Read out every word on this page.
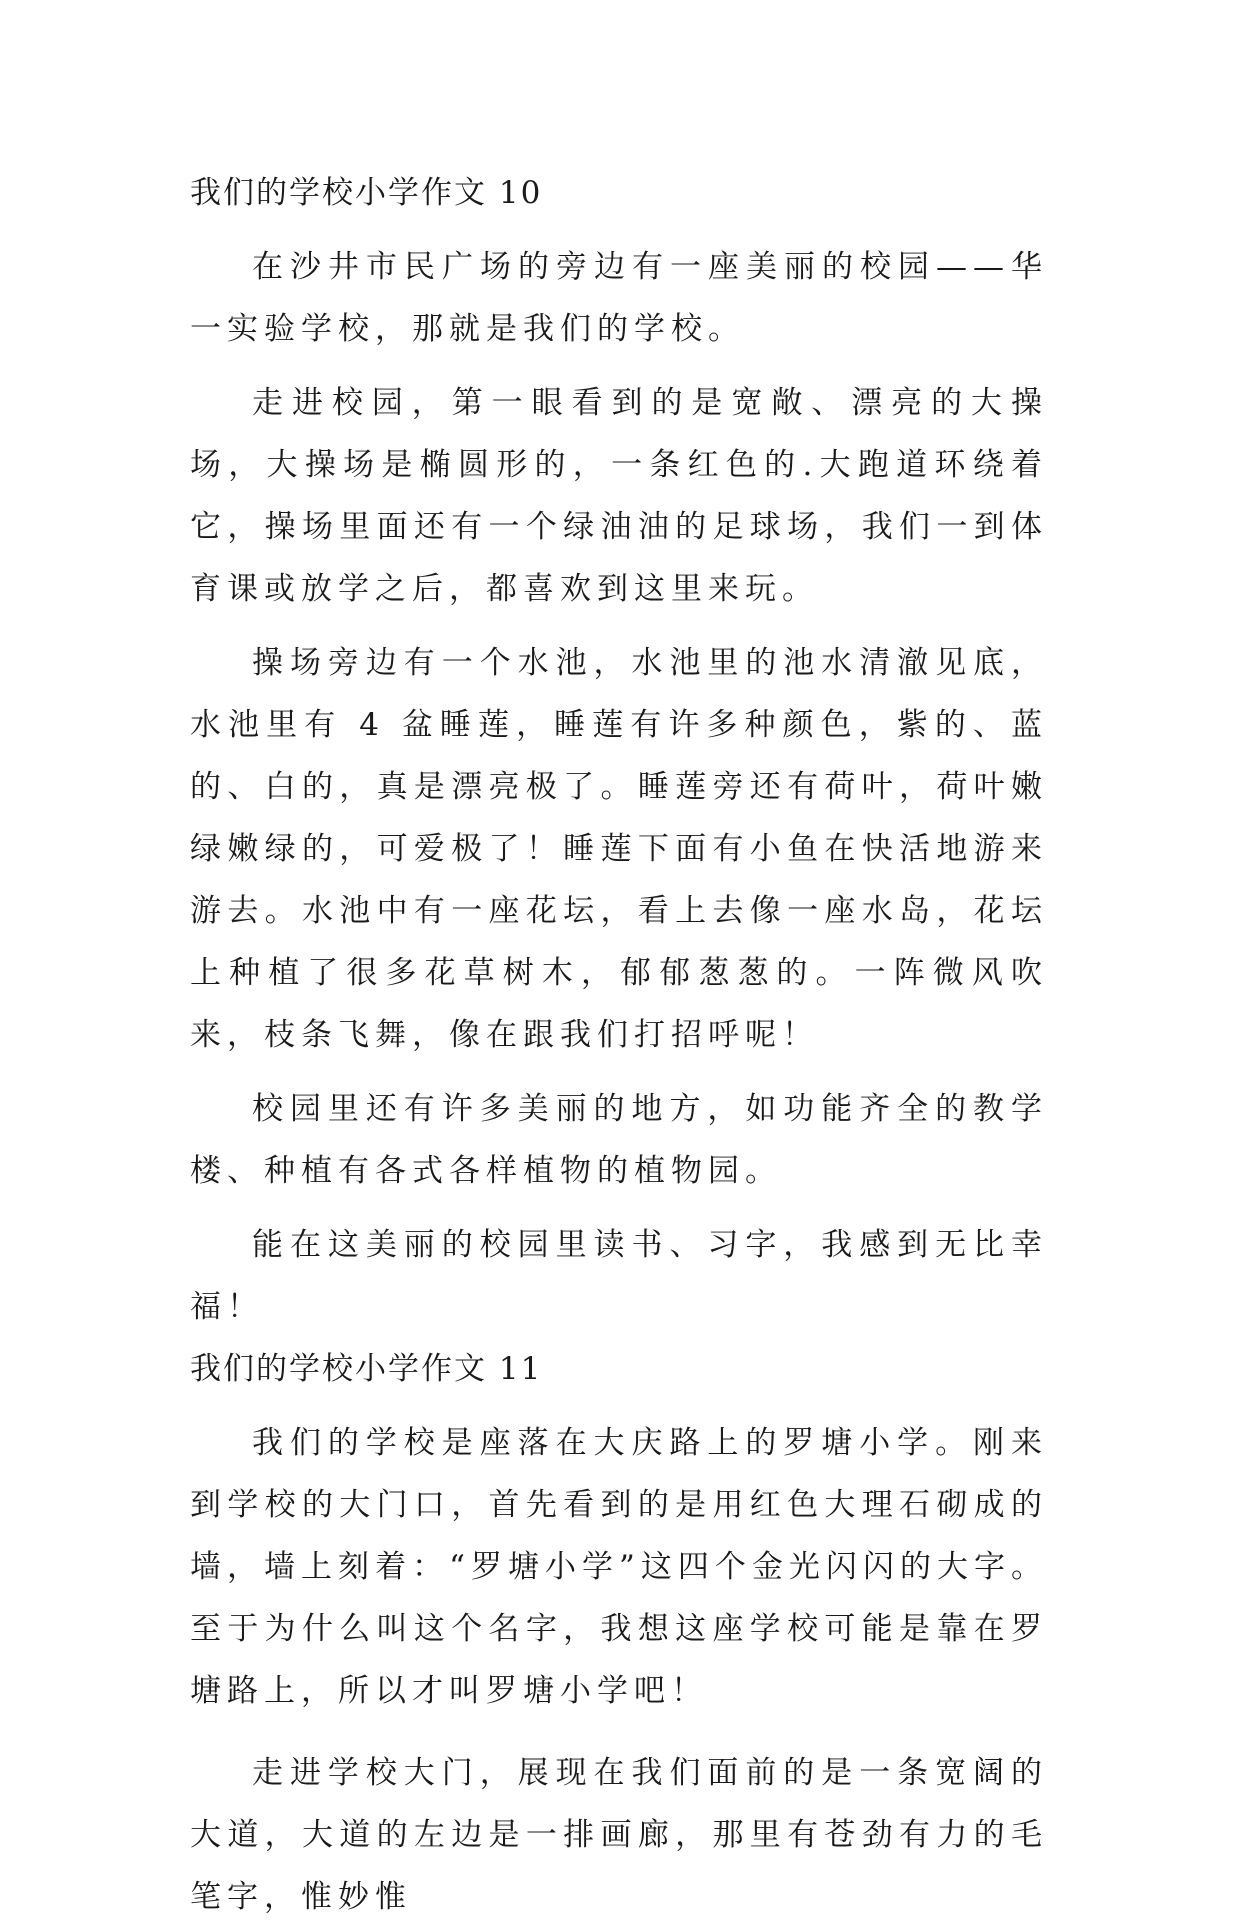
我们的学校小学作文 10

在沙井市民广场的旁边有一座美丽的校园——华一实验学校，那就是我们的学校。

走进校园，第一眼看到的是宽敞、漂亮的大操场，大操场是椭圆形的，一条红色的.大跑道环绕着它，操场里面还有一个绿油油的足球场，我们一到体育课或放学之后，都喜欢到这里来玩。

操场旁边有一个水池，水池里的池水清澈见底，水池里有 4 盆睡莲，睡莲有许多种颜色，紫的、蓝的、白的，真是漂亮极了。睡莲旁还有荷叶，荷叶嫩绿嫩绿的，可爱极了！睡莲下面有小鱼在快活地游来游去。水池中有一座花坛，看上去像一座水岛，花坛上种植了很多花草树木，郁郁葱葱的。一阵微风吹来，枝条飞舞，像在跟我们打招呼呢！

校园里还有许多美丽的地方，如功能齐全的教学楼、种植有各式各样植物的植物园。

能在这美丽的校园里读书、习字，我感到无比幸福！

我们的学校小学作文 11

我们的学校是座落在大庆路上的罗塘小学。刚来到学校的大门口，首先看到的是用红色大理石砌成的墙，墙上刻着：“罗塘小学”这四个金光闪闪的大字。至于为什么叫这个名字，我想这座学校可能是靠在罗塘路上，所以才叫罗塘小学吧！

走进学校大门，展现在我们面前的是一条宽阔的大道，大道的左边是一排画廊，那里有苍劲有力的毛笔字，惟妙惟
